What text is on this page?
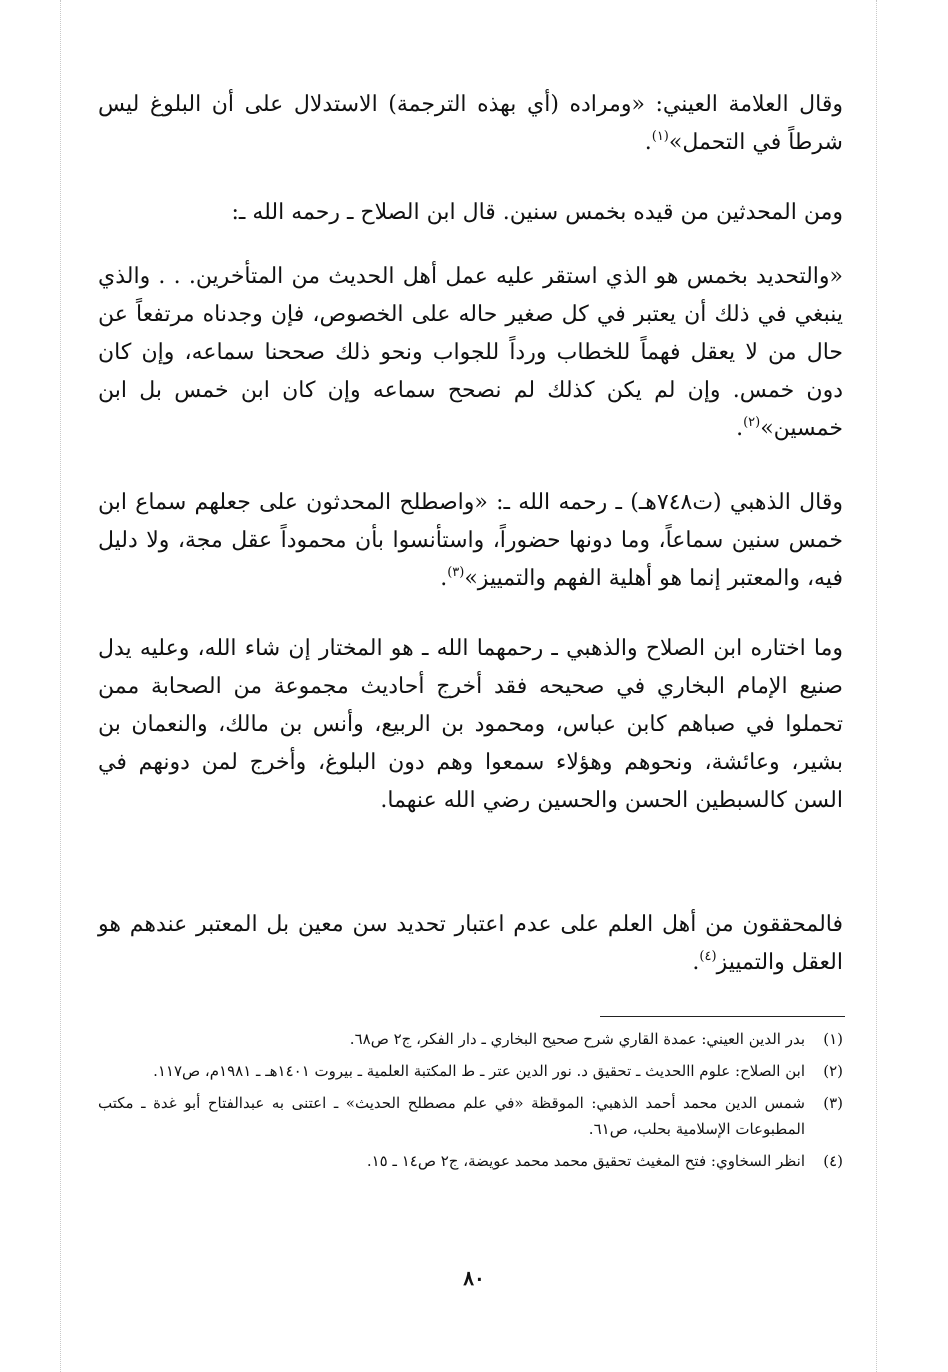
وقال العلامة العيني: «ومراده (أي بهذه الترجمة) الاستدلال على أن البلوغ ليس شرطاً في التحمل»$^{(١)}$.

ومن المحدثين من قيده بخمس سنين. قال ابن الصلاح ـ رحمه الله ـ:

«والتحديد بخمس هو الذي استقر عليه عمل أهل الحديث من المتأخرين. . . والذي ينبغي في ذلك أن يعتبر في كل صغير حاله على الخصوص، فإن وجدناه مرتفعاً عن حال من لا يعقل فهماً للخطاب ورداً للجواب ونحو ذلك صححنا سماعه، وإن كان دون خمس. وإن لم يكن كذلك لم نصحح سماعه وإن كان ابن خمس بل ابن خمسين»$^{(٢)}$.

وقال الذهبي (ت٧٤٨هـ) ـ رحمه الله ـ: «واصطلح المحدثون على جعلهم سماع ابن خمس سنين سماعاً، وما دونها حضوراً، واستأنسوا بأن محموداً عقل مجة، ولا دليل فيه، والمعتبر إنما هو أهلية الفهم والتمييز»$^{(٣)}$.

وما اختاره ابن الصلاح والذهبي ـ رحمهما الله ـ هو المختار إن شاء الله، وعليه يدل صنيع الإمام البخاري في صحيحه فقد أخرج أحاديث مجموعة من الصحابة ممن تحملوا في صباهم كابن عباس، ومحمود بن الربيع، وأنس بن مالك، والنعمان بن بشير، وعائشة، ونحوهم وهؤلاء سمعوا وهم دون البلوغ، وأخرج لمن دونهم في السن كالسبطين الحسن والحسين رضي الله عنهما.

فالمحققون من أهل العلم على عدم اعتبار تحديد سن معين بل المعتبر عندهم هو العقل والتمييز$^{(٤)}$.

(١)
بدر الدين العيني: عمدة القاري شرح صحيح البخاري ـ دار الفكر، ج٢ ص٦٨.
(٢)
ابن الصلاح: علوم االحديث ـ تحقيق د. نور الدين عتر ـ ط المكتبة العلمية ـ بيروت ١٤٠١هـ ـ ١٩٨١م، ص١١٧.
(٣)
شمس الدين محمد أحمد الذهبي: الموقظة «في علم مصطلح الحديث» ـ اعتنى به عبدالفتاح أبو غدة ـ مكتب المطبوعات الإسلامية بحلب، ص٦١.
(٤)
انظر السخاوي: فتح المغيث تحقيق محمد محمد عويضة، ج٢ ص١٤ ـ ١٥.
٨٠
